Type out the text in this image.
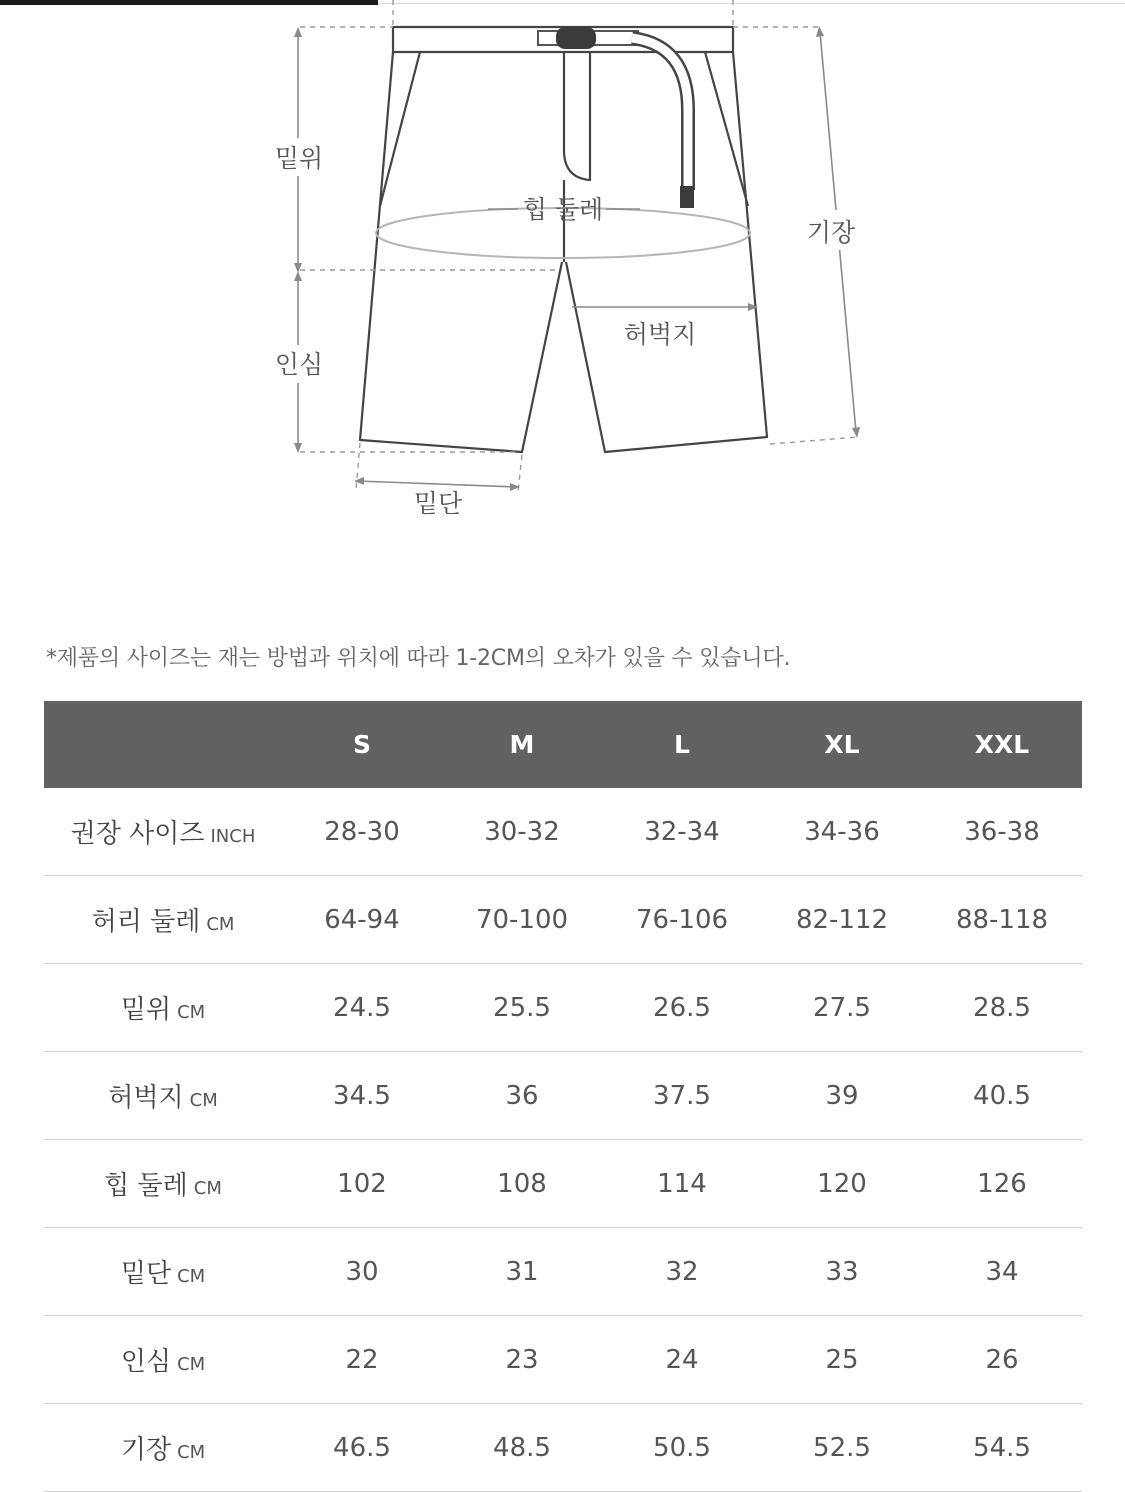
밑위
힙 둘레
기장
인심
허벅지
밑단
*제품의 사이즈는 재는 방법과 위치에 따라 1-2CM의 오차가 있을 수 있습니다.
	S	M	L	XL	XXL
권장 사이즈 INCH	28-30	30-32	32-34	34-36	36-38
허리 둘레 CM	64-94	70-100	76-106	82-112	88-118
밑위 CM	24.5	25.5	26.5	27.5	28.5
허벅지 CM	34.5	36	37.5	39	40.5
힙 둘레 CM	102	108	114	120	126
밑단 CM	30	31	32	33	34
인심 CM	22	23	24	25	26
기장 CM	46.5	48.5	50.5	52.5	54.5
